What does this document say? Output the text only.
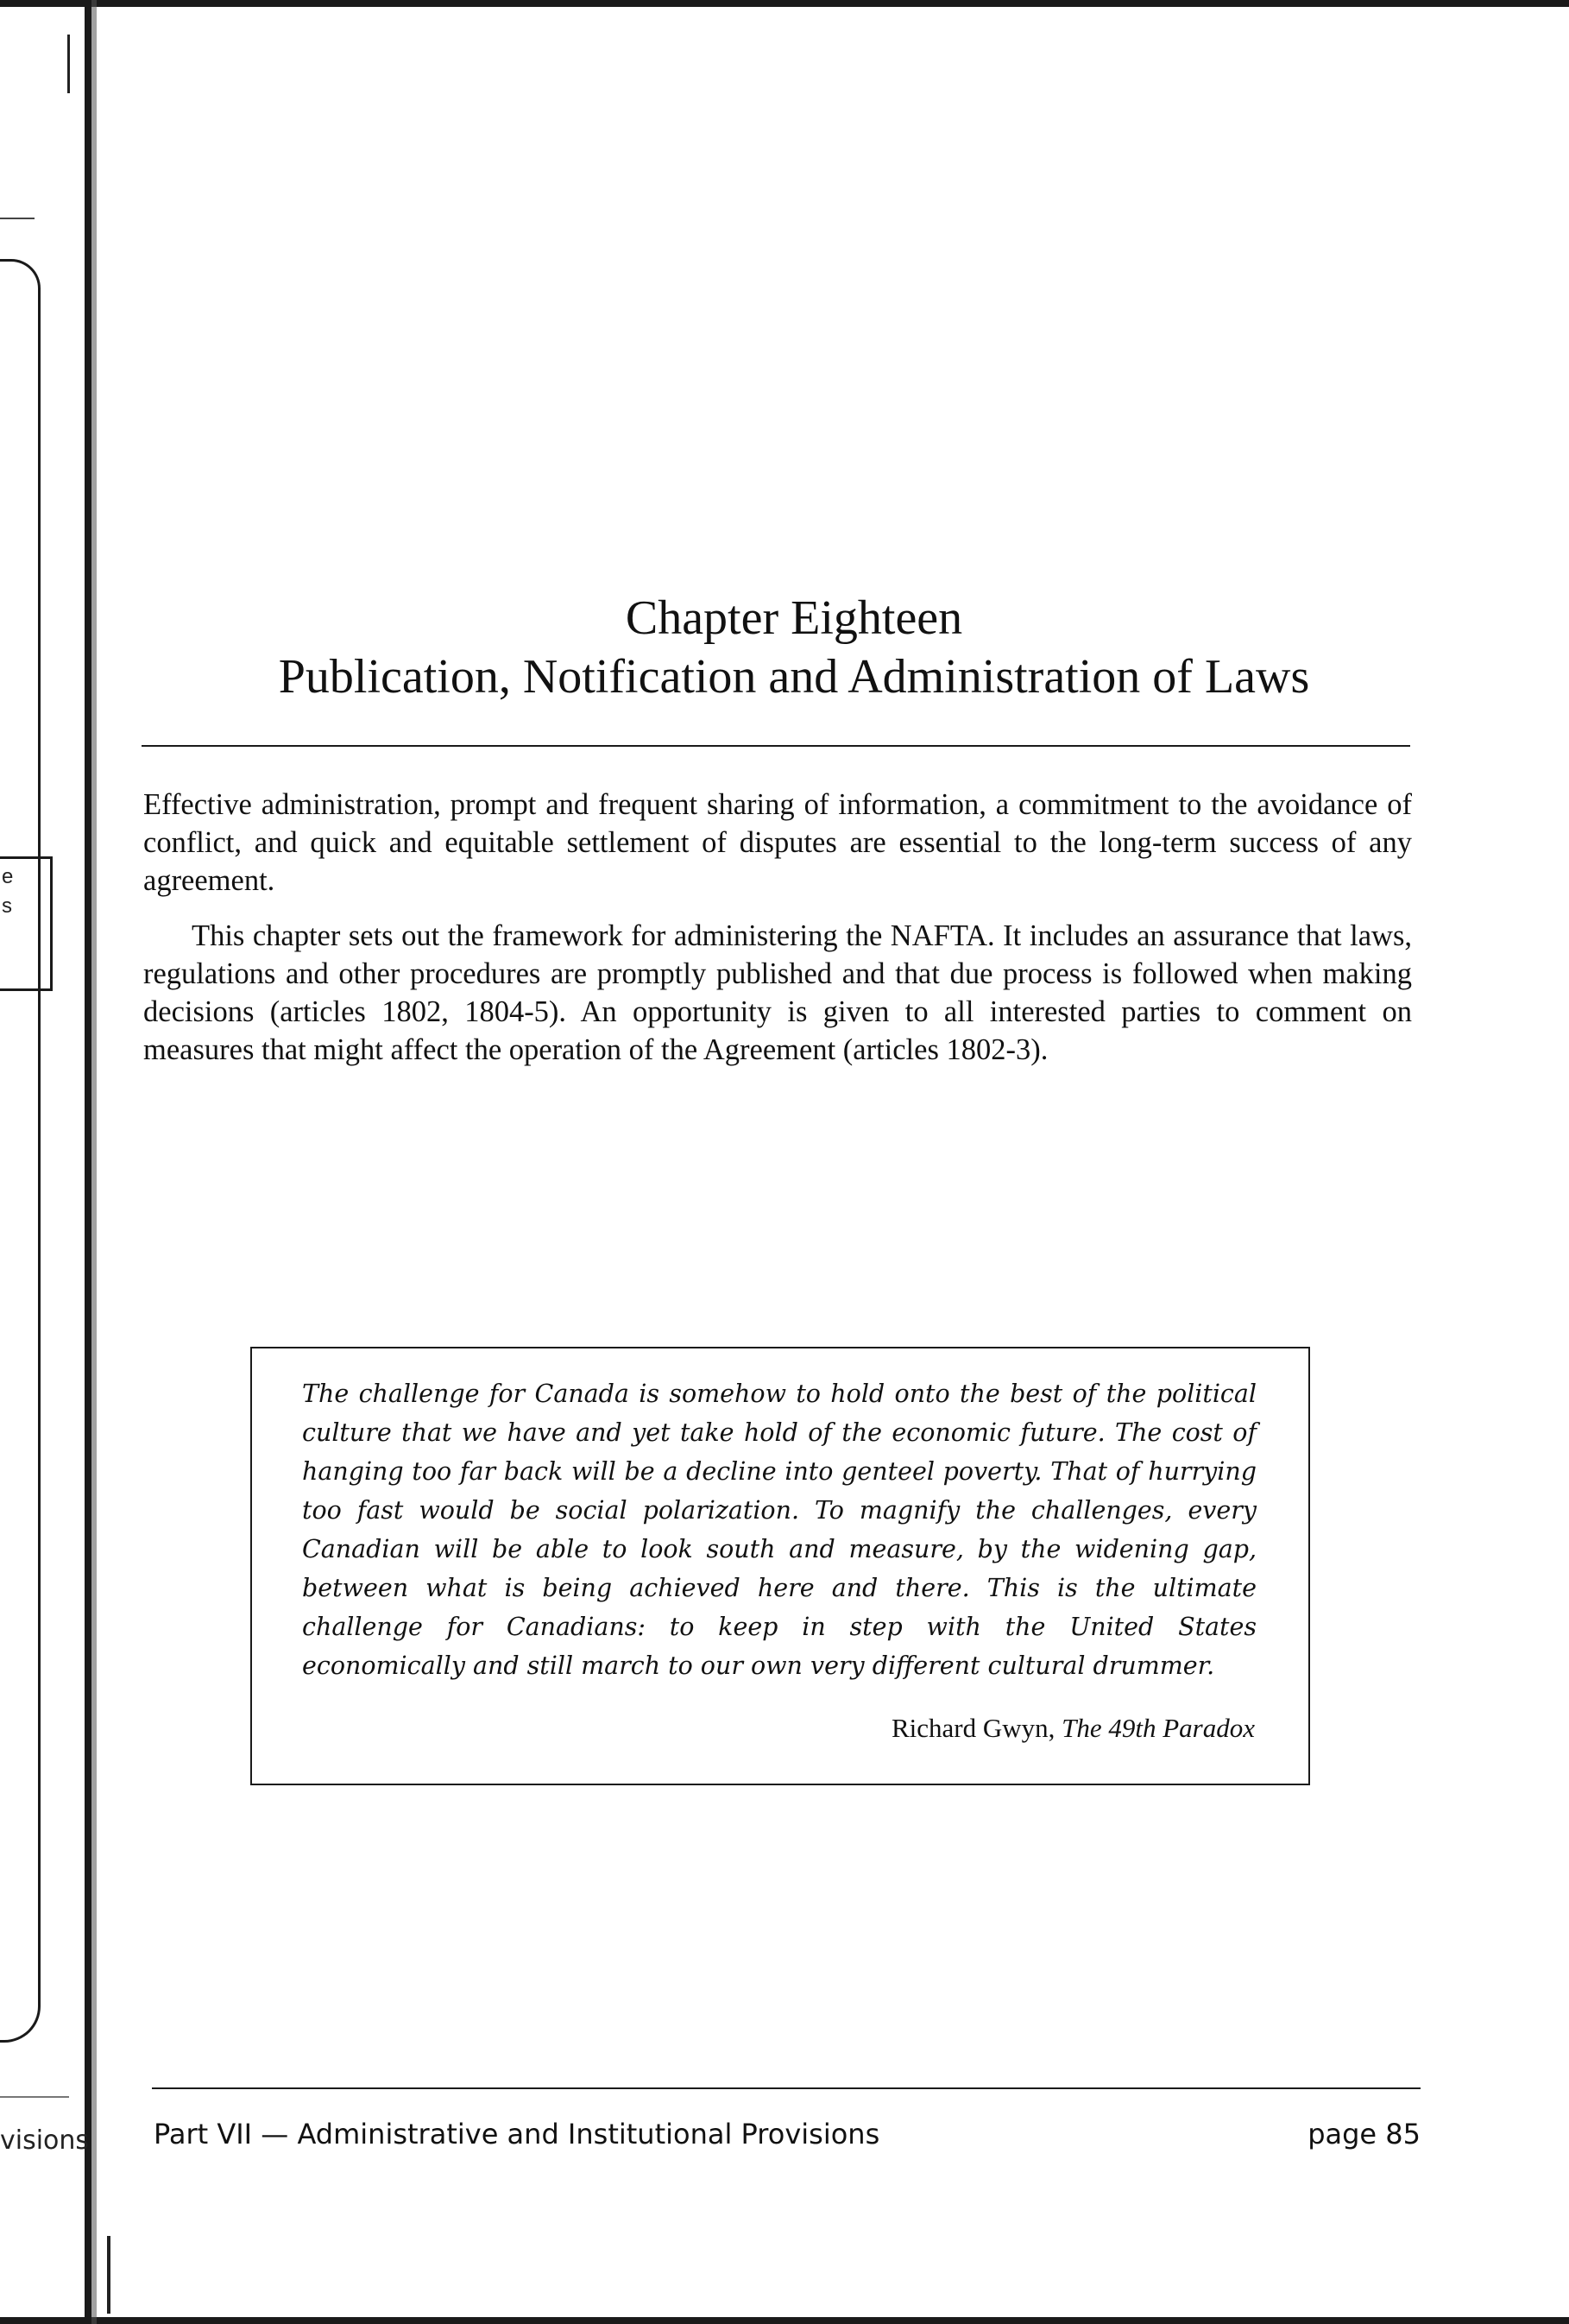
e
s
visions
Chapter Eighteen
Publication, Notification and Administration of Laws

Effective administration, prompt and frequent sharing of information, a commitment to the avoidance of conflict, and quick and equitable settlement of disputes are essential to the long-term success of any agreement.

This chapter sets out the framework for administering the NAFTA. It includes an assurance that laws, regulations and other procedures are promptly published and that due process is followed when making decisions (articles 1802, 1804-5). An opportunity is given to all interested parties to comment on measures that might affect the operation of the Agreement (articles 1802-3).

The challenge for Canada is somehow to hold onto the best of the political culture that we have and yet take hold of the economic future. The cost of hanging too far back will be a decline into genteel poverty. That of hurrying too fast would be social polarization. To magnify the challenges, every Canadian will be able to look south and measure, by the widening gap, between what is being achieved here and there. This is the ultimate challenge for Canadians: to keep in step with the United States economically and still march to our own very different cultural drummer.

Richard Gwyn, The 49th Paradox

Part VII — Administrative and Institutional Provisions	page 85
